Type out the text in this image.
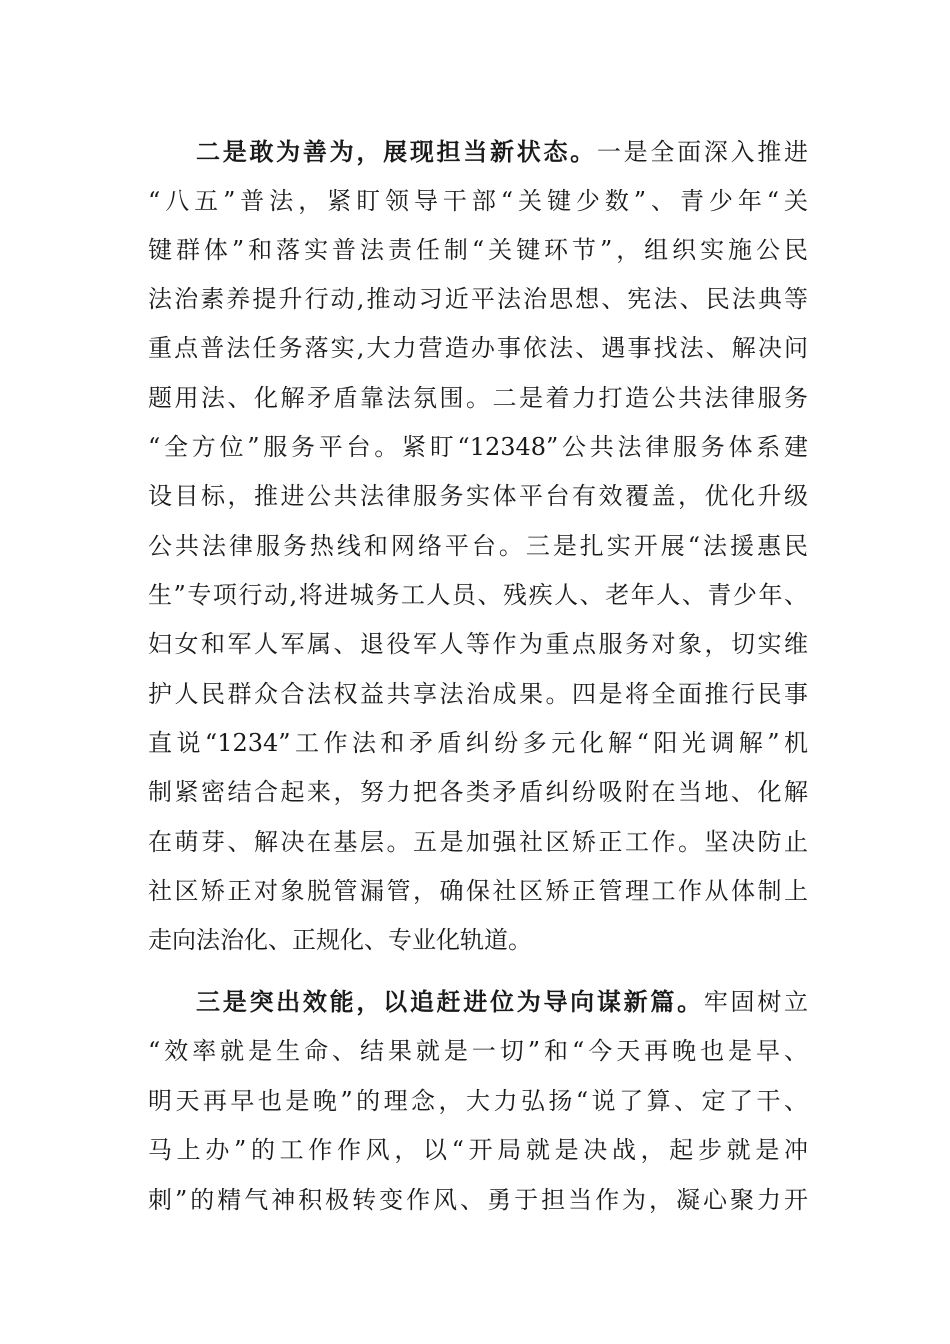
二是敢为善为，展现担当新状态。一是全面深入推进
“八五”普法，紧盯领导干部“关键少数”、青少年“关
键群体”和落实普法责任制“关键环节”，组织实施公民
法治素养提升行动,推动习近平法治思想、宪法、民法典等
重点普法任务落实,大力营造办事依法、遇事找法、解决问
题用法、化解矛盾靠法氛围。二是着力打造公共法律服务
“全方位”服务平台。紧盯“12348”公共法律服务体系建
设目标，推进公共法律服务实体平台有效覆盖，优化升级
公共法律服务热线和网络平台。三是扎实开展“法援惠民
生”专项行动,将进城务工人员、残疾人、老年人、青少年、
妇女和军人军属、退役军人等作为重点服务对象，切实维
护人民群众合法权益共享法治成果。四是将全面推行民事
直说“1234”工作法和矛盾纠纷多元化解“阳光调解”机
制紧密结合起来，努力把各类矛盾纠纷吸附在当地、化解
在萌芽、解决在基层。五是加强社区矫正工作。坚决防止
社区矫正对象脱管漏管，确保社区矫正管理工作从体制上
走向法治化、正规化、专业化轨道。
三是突出效能，以追赶进位为导向谋新篇。牢固树立
“效率就是生命、结果就是一切”和“今天再晚也是早、
明天再早也是晚”的理念，大力弘扬“说了算、定了干、
马上办”的工作作风，以“开局就是决战，起步就是冲
刺”的精气神积极转变作风、勇于担当作为，凝心聚力开
